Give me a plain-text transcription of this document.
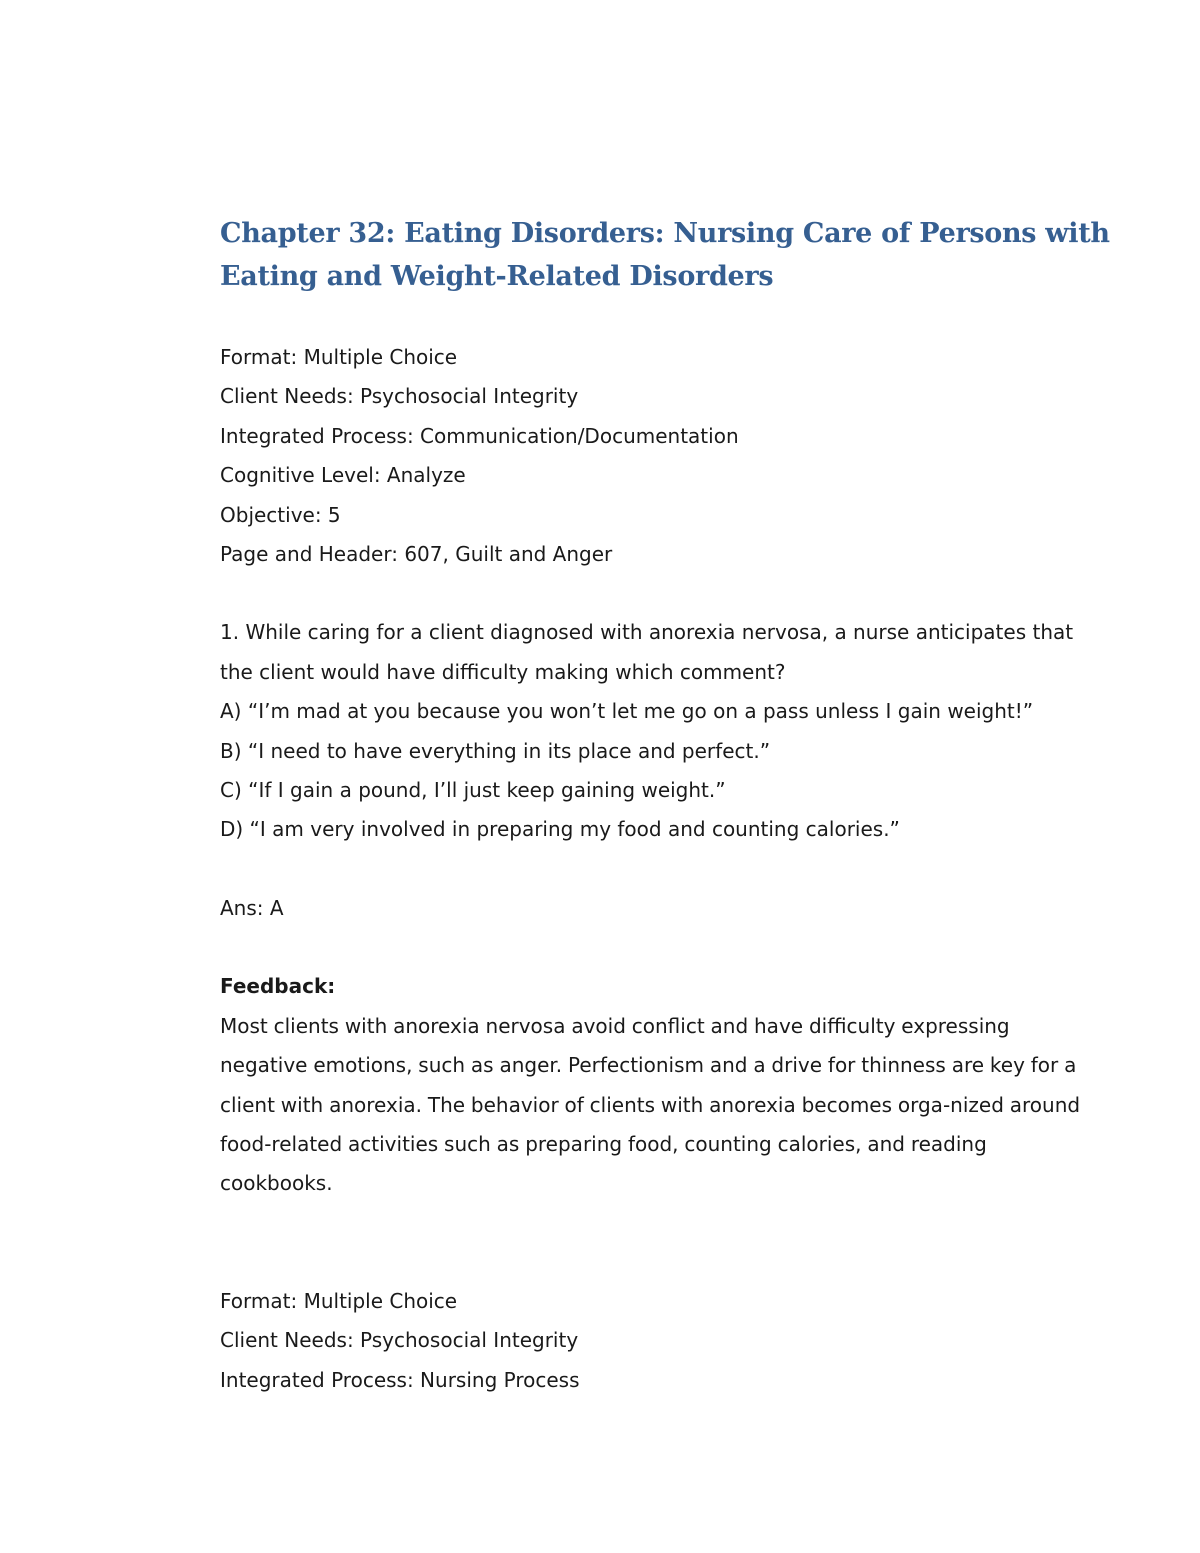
Chapter 32: Eating Disorders: Nursing Care of Persons with Eating and Weight-Related Disorders

Format: Multiple Choice

Client Needs: Psychosocial Integrity

Integrated Process: Communication/Documentation

Cognitive Level: Analyze

Objective: 5

Page and Header: 607, Guilt and Anger

1. While caring for a client diagnosed with anorexia nervosa, a nurse anticipates that the client would have difficulty making which comment?

A) “I’m mad at you because you won’t let me go on a pass unless I gain weight!”

B) “I need to have everything in its place and perfect.”

C) “If I gain a pound, I’ll just keep gaining weight.”

D) “I am very involved in preparing my food and counting calories.”

Ans: A

Feedback:

Most clients with anorexia nervosa avoid conflict and have difficulty expressing negative emotions, such as anger. Perfectionism and a drive for thinness are key for a client with anorexia. The behavior of clients with anorexia becomes orga-nized around food-related activities such as preparing food, counting calories, and reading cookbooks.

Format: Multiple Choice

Client Needs: Psychosocial Integrity

Integrated Process: Nursing Process
